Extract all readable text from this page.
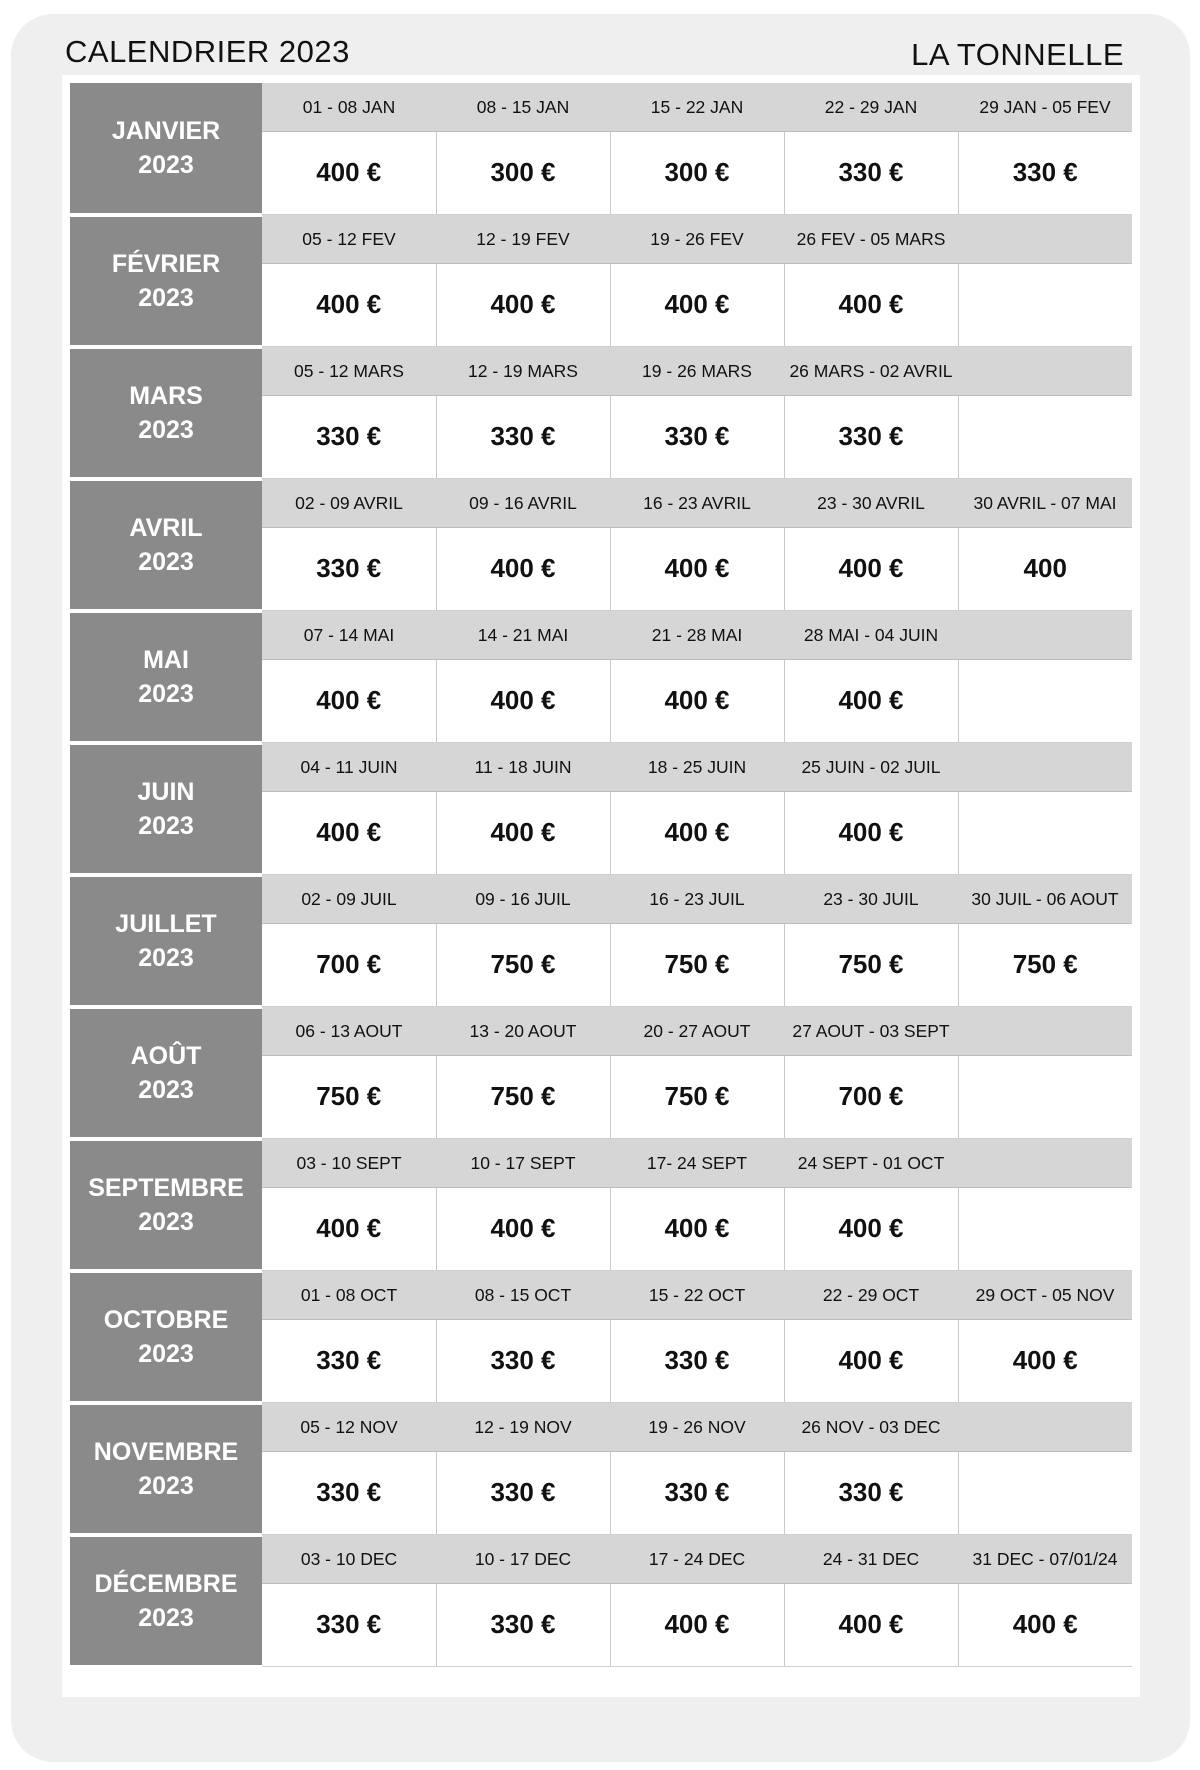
CALENDRIER 2023	LA TONNELLE
JANVIER
2023	01 - 08 JAN	08 - 15 JAN	15 - 22 JAN	22 - 29 JAN	29 JAN - 05 FEV
	400 €	300 €	300 €	330 €	330 €

FÉVRIER
2023	05 - 12 FEV	12 - 19 FEV	19 - 26 FEV	26 FEV - 05 MARS	
	400 €	400 €	400 €	400 €	

MARS
2023	05 - 12 MARS	12 - 19 MARS	19 - 26 MARS	26 MARS - 02 AVRIL	
	330 €	330 €	330 €	330 €	

AVRIL
2023	02 - 09 AVRIL	09 - 16 AVRIL	16 - 23 AVRIL	23 - 30 AVRIL	30 AVRIL - 07 MAI
	330 €	400 €	400 €	400 €	400

MAI
2023	07 - 14 MAI	14 - 21 MAI	21 - 28 MAI	28 MAI - 04 JUIN	
	400 €	400 €	400 €	400 €	

JUIN
2023	04 - 11 JUIN	11 - 18 JUIN	18 - 25 JUIN	25 JUIN - 02 JUIL	
	400 €	400 €	400 €	400 €	

JUILLET
2023	02 - 09 JUIL	09 - 16 JUIL	16 - 23 JUIL	23 - 30 JUIL	30 JUIL - 06 AOUT
	700 €	750 €	750 €	750 €	750 €

AOÛT
2023	06 - 13 AOUT	13 - 20 AOUT	20 - 27 AOUT	27 AOUT - 03 SEPT	
	750 €	750 €	750 €	700 €	

SEPTEMBRE
2023	03 - 10 SEPT	10 - 17 SEPT	17- 24 SEPT	24 SEPT - 01 OCT	
	400 €	400 €	400 €	400 €	

OCTOBRE
2023	01 - 08 OCT	08 - 15 OCT	15 - 22 OCT	22 - 29 OCT	29 OCT - 05 NOV
	330 €	330 €	330 €	400 €	400 €

NOVEMBRE
2023	05 - 12 NOV	12 - 19 NOV	19 - 26 NOV	26 NOV - 03 DEC	
	330 €	330 €	330 €	330 €	

DÉCEMBRE
2023	03 - 10 DEC	10 - 17 DEC	17 - 24 DEC	24 - 31 DEC	31 DEC - 07/01/24
	330 €	330 €	400 €	400 €	400 €
